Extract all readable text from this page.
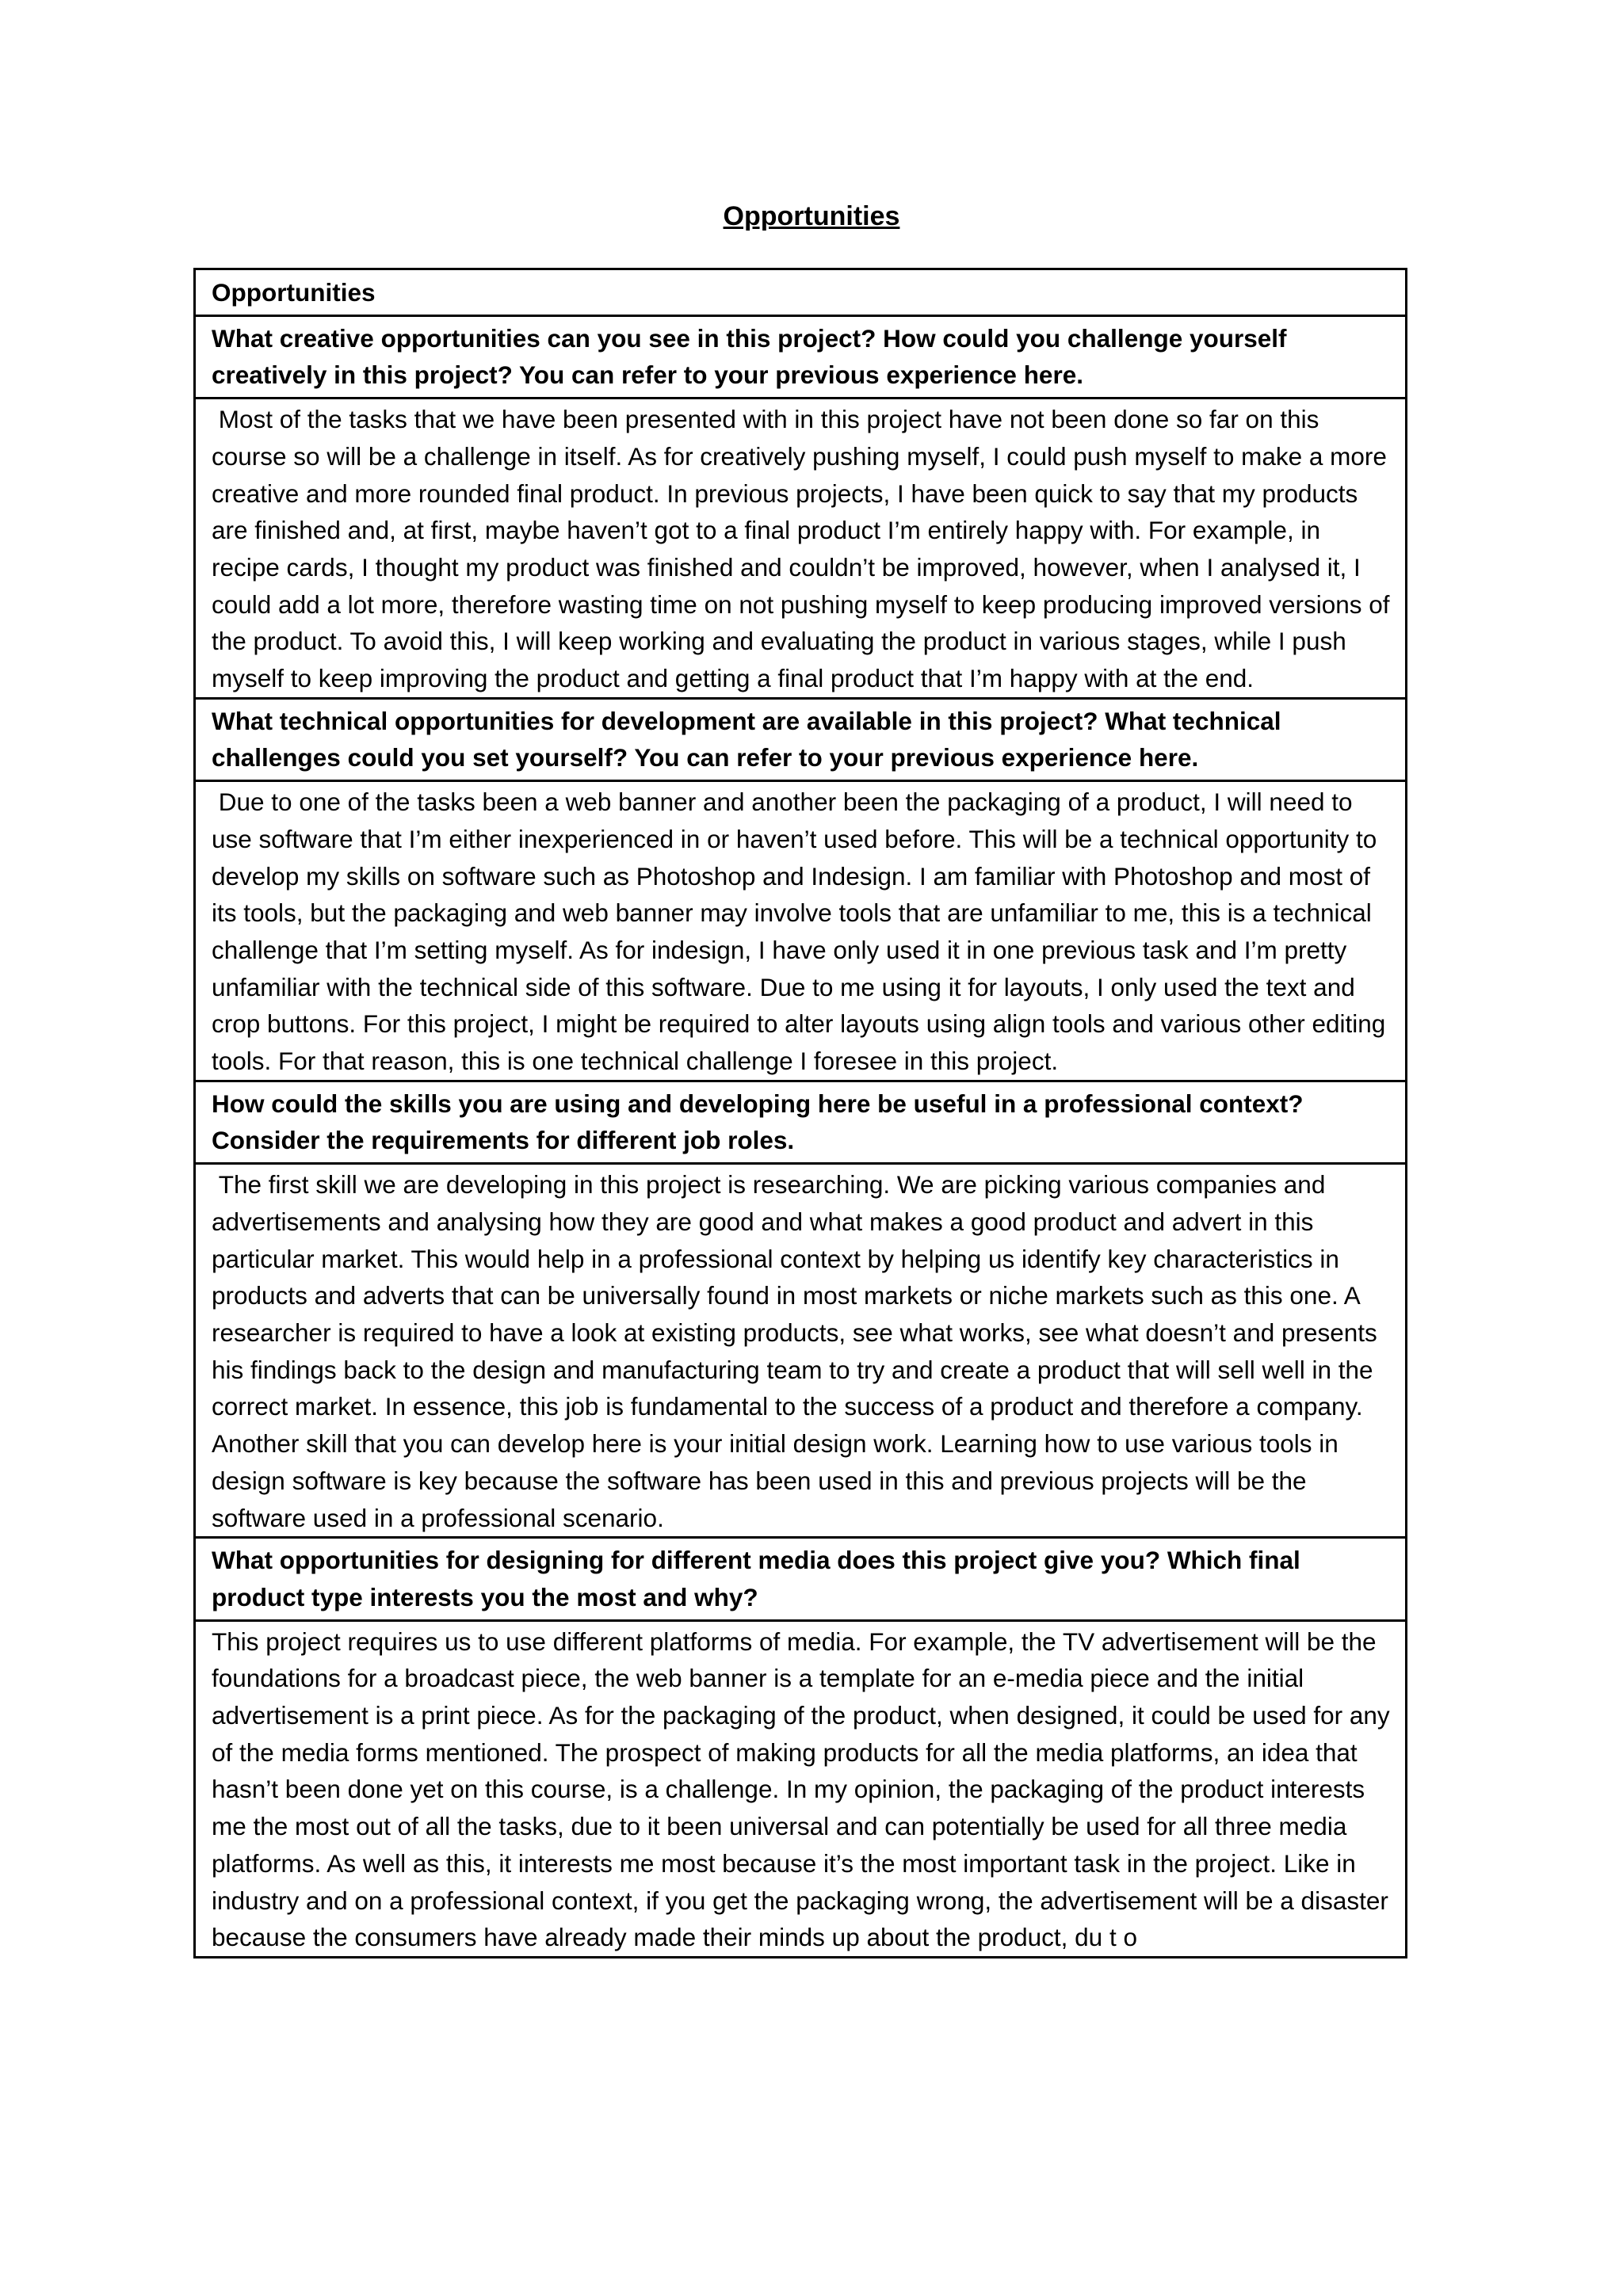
Opportunities
Opportunities
What creative opportunities can you see in this project? How could you challenge yourself creatively in this project? You can refer to your previous experience here.
Most of the tasks that we have been presented with in this project have not been done so far on this course so will be a challenge in itself. As for creatively pushing myself, I could push myself to make a more creative and more rounded final product. In previous projects, I have been quick to say that my products are finished and, at first, maybe haven’t got to a final product I’m entirely happy with. For example, in recipe cards, I thought my product was finished and couldn’t be improved, however, when I analysed it, I could add a lot more, therefore wasting time on not pushing myself to keep producing improved versions of the product. To avoid this, I will keep working and evaluating the product in various stages, while I push myself to keep improving the product and getting a final product that I’m happy with at the end.
What technical opportunities for development are available in this project? What technical challenges could you set yourself? You can refer to your previous experience here.
Due to one of the tasks been a web banner and another been the packaging of a product, I will need to use software that I’m either inexperienced in or haven’t used before. This will be a technical opportunity to develop my skills on software such as Photoshop and Indesign. I am familiar with Photoshop and most of its tools, but the packaging and web banner may involve tools that are unfamiliar to me, this is a technical challenge that I’m setting myself. As for indesign, I have only used it in one previous task and I’m pretty unfamiliar with the technical side of this software. Due to me using it for layouts, I only used the text and crop buttons. For this project, I might be required to alter layouts using align tools and various other editing tools. For that reason, this is one technical challenge I foresee in this project.
How could the skills you are using and developing here be useful in a professional context? Consider the requirements for different job roles.
The first skill we are developing in this project is researching. We are picking various companies and advertisements and analysing how they are good and what makes a good product and advert in this particular market. This would help in a professional context by helping us identify key characteristics in products and adverts that can be universally found in most markets or niche markets such as this one. A researcher is required to have a look at existing products, see what works, see what doesn’t and presents his findings back to the design and manufacturing team to try and create a product that will sell well in the correct market. In essence, this job is fundamental to the success of a product and therefore a company. Another skill that you can develop here is your initial design work. Learning how to use various tools in design software is key because the software has been used in this and previous projects will be the software used in a professional scenario.
What opportunities for designing for different media does this project give you? Which final product type interests you the most and why?
This project requires us to use different platforms of media. For example, the TV advertisement will be the foundations for a broadcast piece, the web banner is a template for an e-media piece and the initial advertisement is a print piece. As for the packaging of the product, when designed, it could be used for any of the media forms mentioned. The prospect of making products for all the media platforms, an idea that hasn’t been done yet on this course, is a challenge. In my opinion, the packaging of the product interests me the most out of all the tasks, due to it been universal and can potentially be used for all three media platforms. As well as this, it interests me most because it’s the most important task in the project. Like in industry and on a professional context, if you get the packaging wrong, the advertisement will be a disaster because the consumers have already made their minds up about the product, du t o
